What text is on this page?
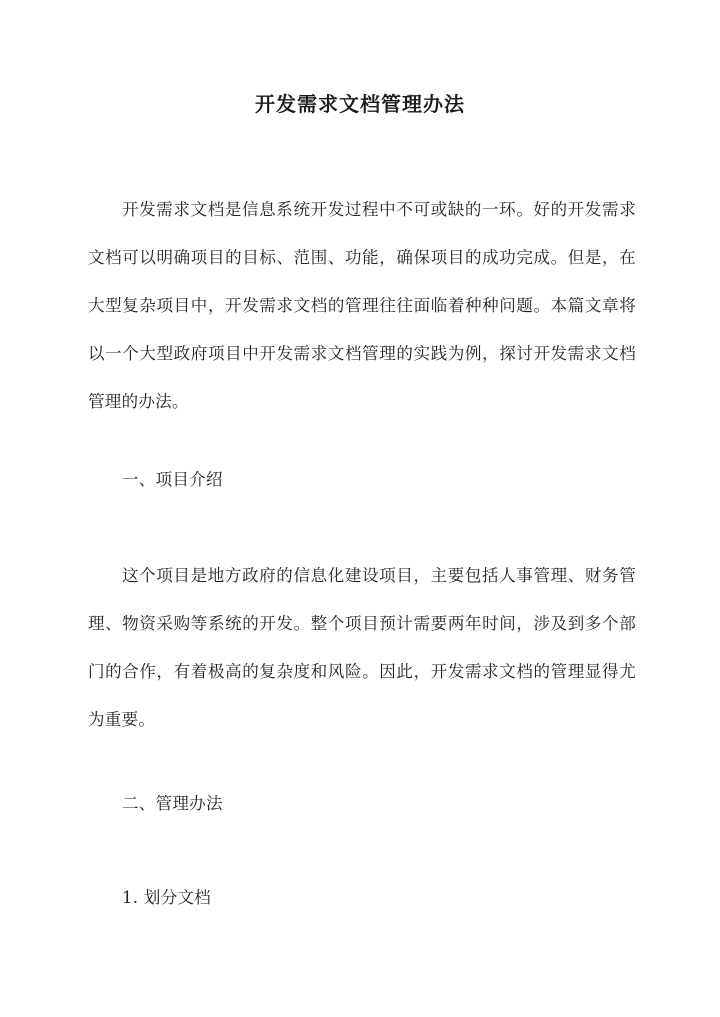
开发需求文档管理办法
开发需求文档是信息系统开发过程中不可或缺的一环。好的开发需求文档可以明确项目的目标、范围、功能，确保项目的成功完成。但是，在大型复杂项目中，开发需求文档的管理往往面临着种种问题。本篇文章将以一个大型政府项目中开发需求文档管理的实践为例，探讨开发需求文档管理的办法。
一、项目介绍
这个项目是地方政府的信息化建设项目，主要包括人事管理、财务管理、物资采购等系统的开发。整个项目预计需要两年时间，涉及到多个部门的合作，有着极高的复杂度和风险。因此，开发需求文档的管理显得尤为重要。
二、管理办法
1. 划分文档
